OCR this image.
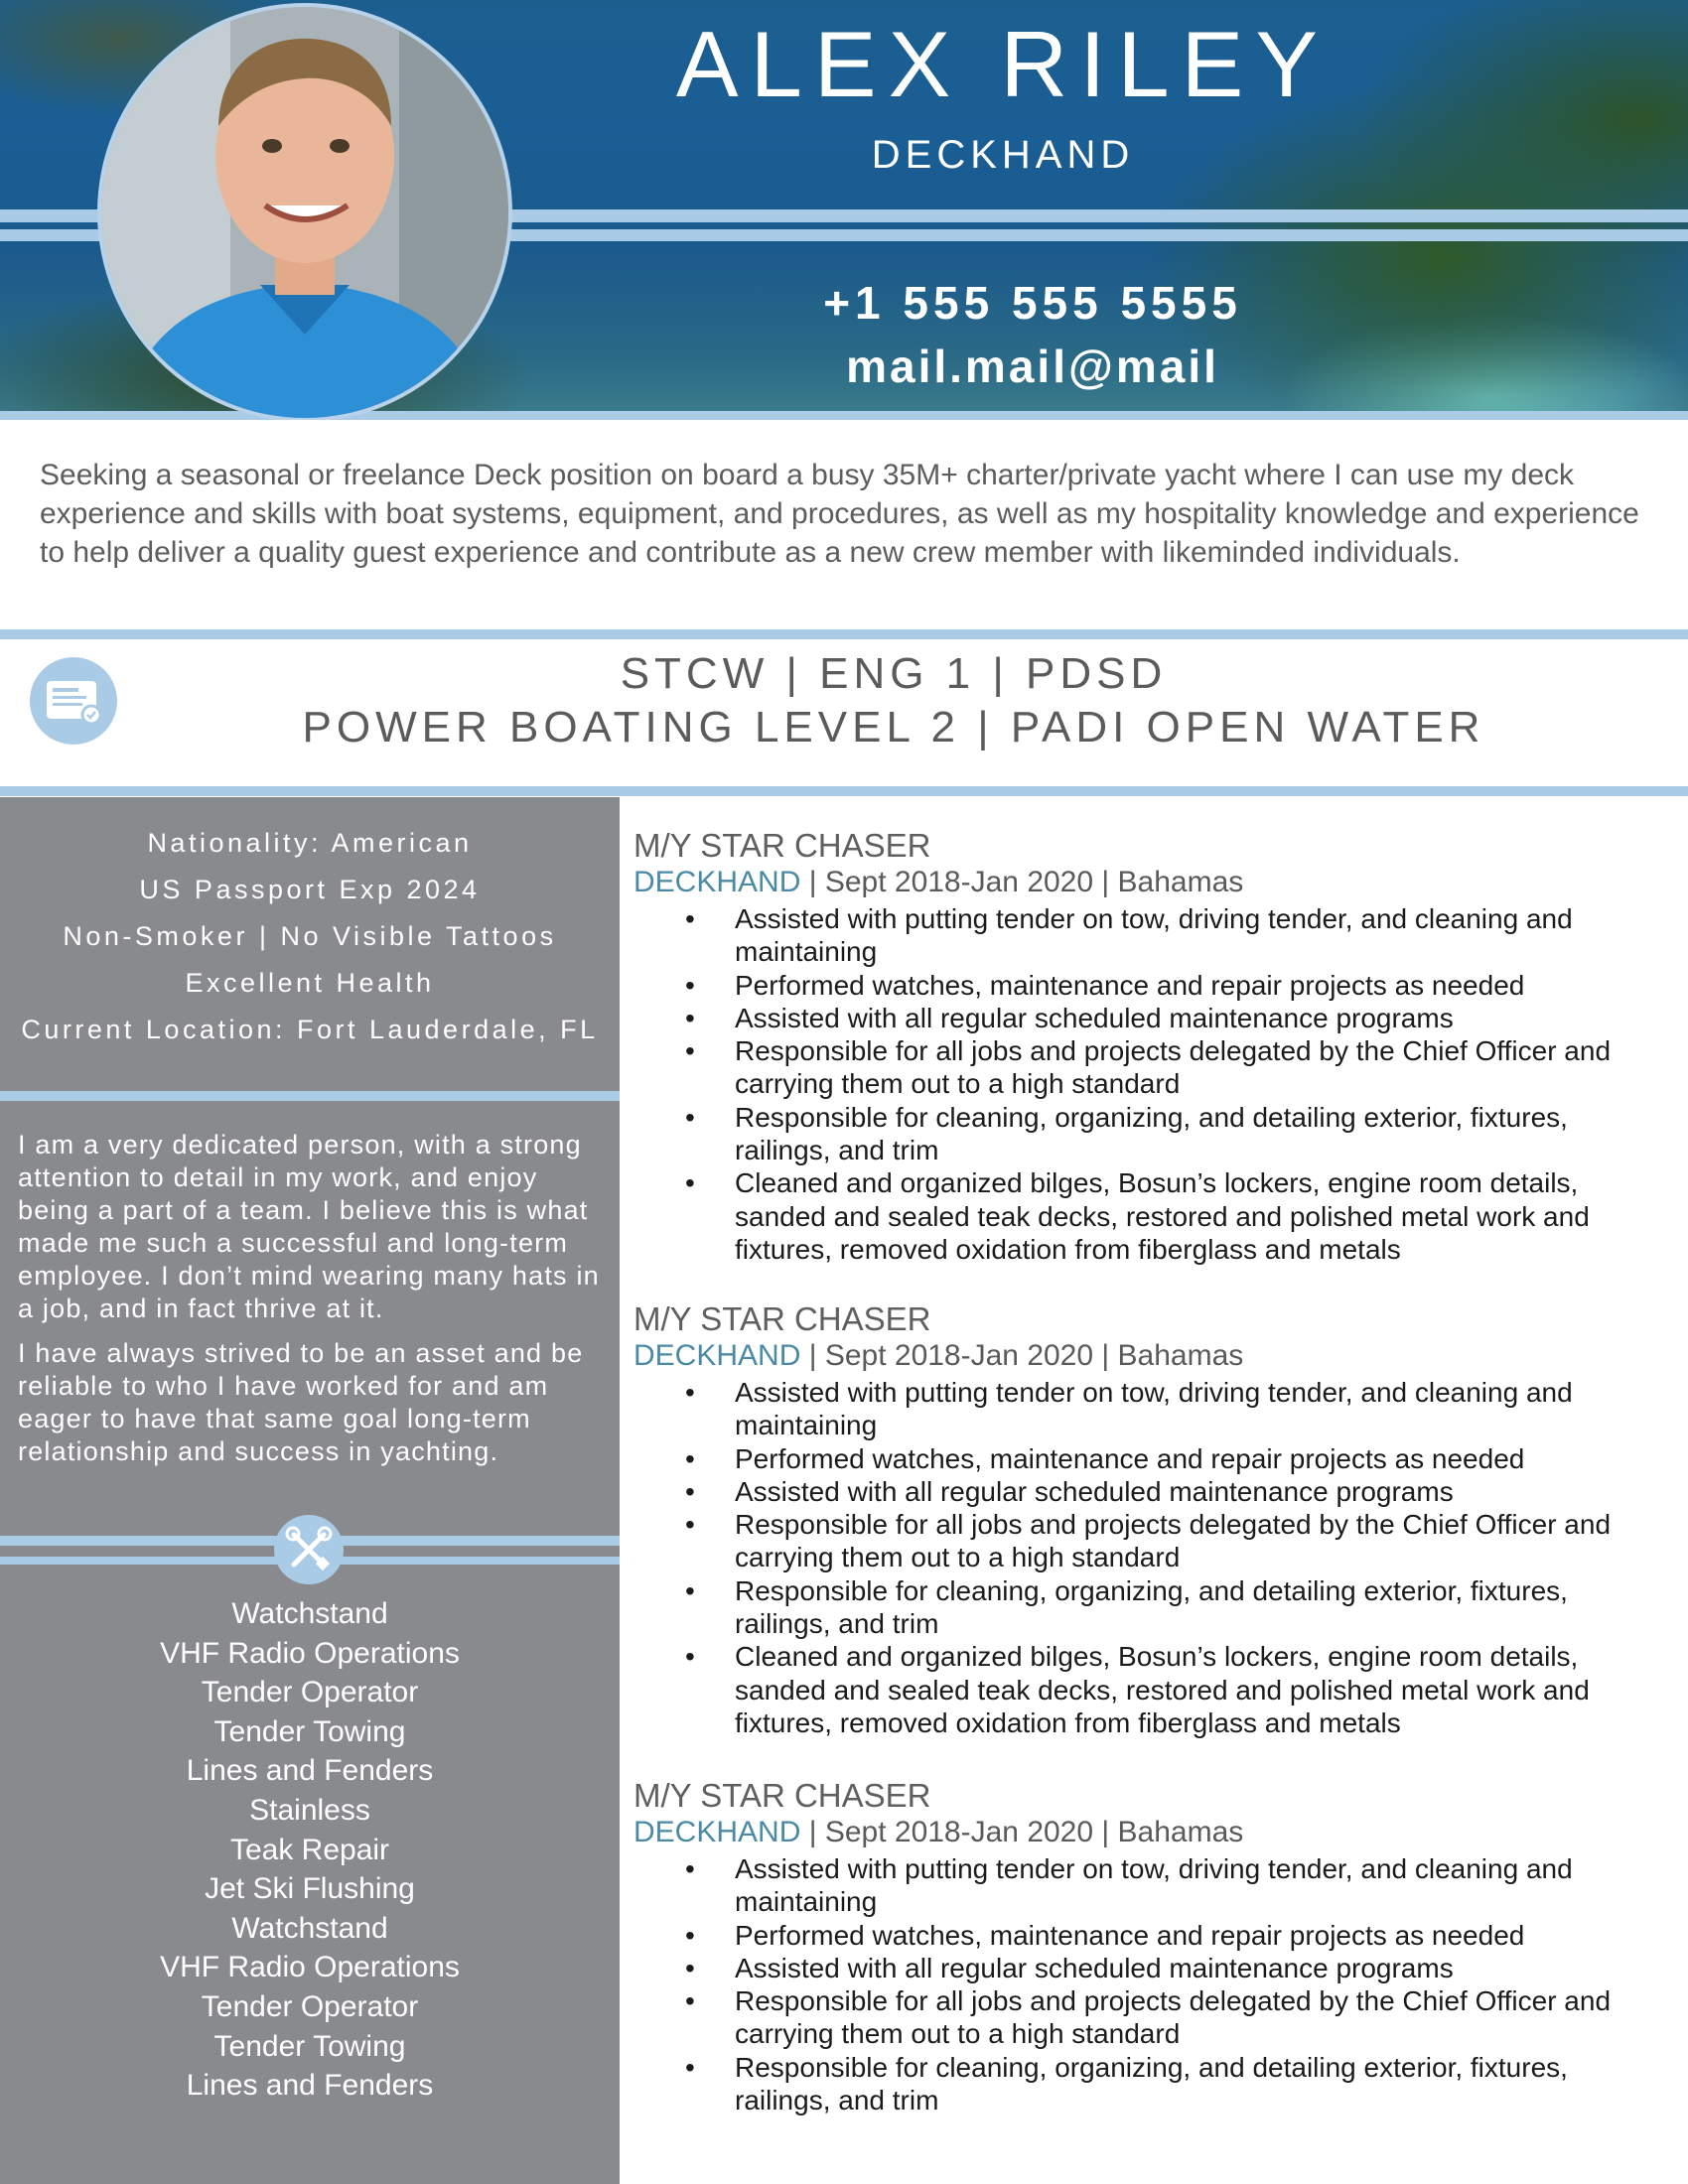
ALEX RILEY
DECKHAND
+1 555 555 5555
mail.mail@mail
Seeking a seasonal or freelance Deck position on board a busy 35M+ charter/private yacht where I can use my deck experience and skills with boat systems, equipment, and procedures, as well as my hospitality knowledge and experience to help deliver a quality guest experience and contribute as a new crew member with likeminded individuals.
STCW | ENG 1 | PDSD
POWER BOATING LEVEL 2 | PADI OPEN WATER
Nationality: American
US Passport Exp 2024
Non-Smoker | No Visible Tattoos
Excellent Health
Current Location: Fort Lauderdale, FL

I am a very dedicated person, with a strong attention to detail in my work, and enjoy being a part of a team. I believe this is what made me such a successful and long-term employee. I don’t mind wearing many hats in a job, and in fact thrive at it.

I have always strived to be an asset and be reliable to who I have worked for and am eager to have that same goal long-term relationship and success in yachting.

Watchstand
VHF Radio Operations
Tender Operator
Tender Towing
Lines and Fenders
Stainless
Teak Repair
Jet Ski Flushing
Watchstand
VHF Radio Operations
Tender Operator
Tender Towing
Lines and Fenders
M/Y STAR CHASER
DECKHAND | Sept 2018-Jan 2020 | Bahamas
• Assisted with putting tender on tow, driving tender, and cleaning and maintaining
• Performed watches, maintenance and repair projects as needed
• Assisted with all regular scheduled maintenance programs
• Responsible for all jobs and projects delegated by the Chief Officer and carrying them out to a high standard
• Responsible for cleaning, organizing, and detailing exterior, fixtures, railings, and trim
• Cleaned and organized bilges, Bosun’s lockers, engine room details, sanded and sealed teak decks, restored and polished metal work and fixtures, removed oxidation from fiberglass and metals
M/Y STAR CHASER
DECKHAND | Sept 2018-Jan 2020 | Bahamas
• Assisted with putting tender on tow, driving tender, and cleaning and maintaining
• Performed watches, maintenance and repair projects as needed
• Assisted with all regular scheduled maintenance programs
• Responsible for all jobs and projects delegated by the Chief Officer and carrying them out to a high standard
• Responsible for cleaning, organizing, and detailing exterior, fixtures, railings, and trim
• Cleaned and organized bilges, Bosun’s lockers, engine room details, sanded and sealed teak decks, restored and polished metal work and fixtures, removed oxidation from fiberglass and metals
M/Y STAR CHASER
DECKHAND | Sept 2018-Jan 2020 | Bahamas
• Assisted with putting tender on tow, driving tender, and cleaning and maintaining
• Performed watches, maintenance and repair projects as needed
• Assisted with all regular scheduled maintenance programs
• Responsible for all jobs and projects delegated by the Chief Officer and carrying them out to a high standard
• Responsible for cleaning, organizing, and detailing exterior, fixtures, railings, and trim
